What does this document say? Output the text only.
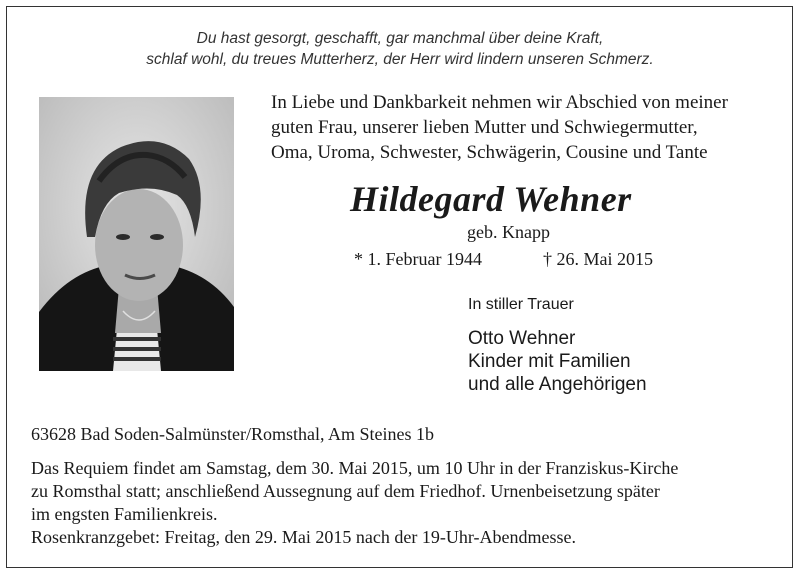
Du hast gesorgt, geschafft, gar manchmal über deine Kraft,
schlaf wohl, du treues Mutterherz, der Herr wird lindern unseren Schmerz.
In Liebe und Dankbarkeit nehmen wir Abschied von meiner
guten Frau, unserer lieben Mutter und Schwiegermutter,
Oma, Uroma, Schwester, Schwägerin, Cousine und Tante
Hildegard Wehner
geb. Knapp
* 1. Februar 1944	† 26. Mai 2015
In stiller Trauer
Otto Wehner
Kinder mit Familien
und alle Angehörigen
63628 Bad Soden-Salmünster/Romsthal, Am Steines 1b
Das Requiem findet am Samstag, dem 30. Mai 2015, um 10 Uhr in der Franziskus-Kirche
zu Romsthal statt; anschließend Aussegnung auf dem Friedhof. Urnenbeisetzung später
im engsten Familienkreis.
Rosenkranzgebet: Freitag, den 29. Mai 2015 nach der 19-Uhr-Abendmesse.
